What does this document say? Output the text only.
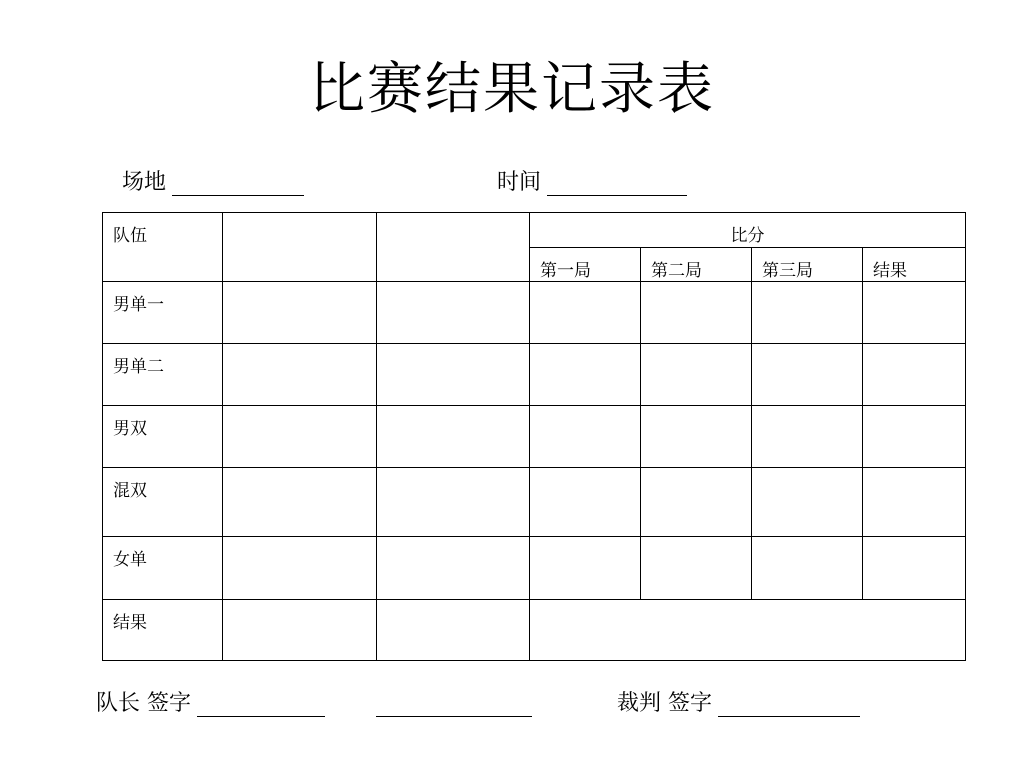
比赛结果记录表
场地	时间
队伍			比分			
			第一局	第二局	第三局	结果
男单一						
男单二						
男双						
混双						
女单						
结果						
队长 签字	裁判 签字
